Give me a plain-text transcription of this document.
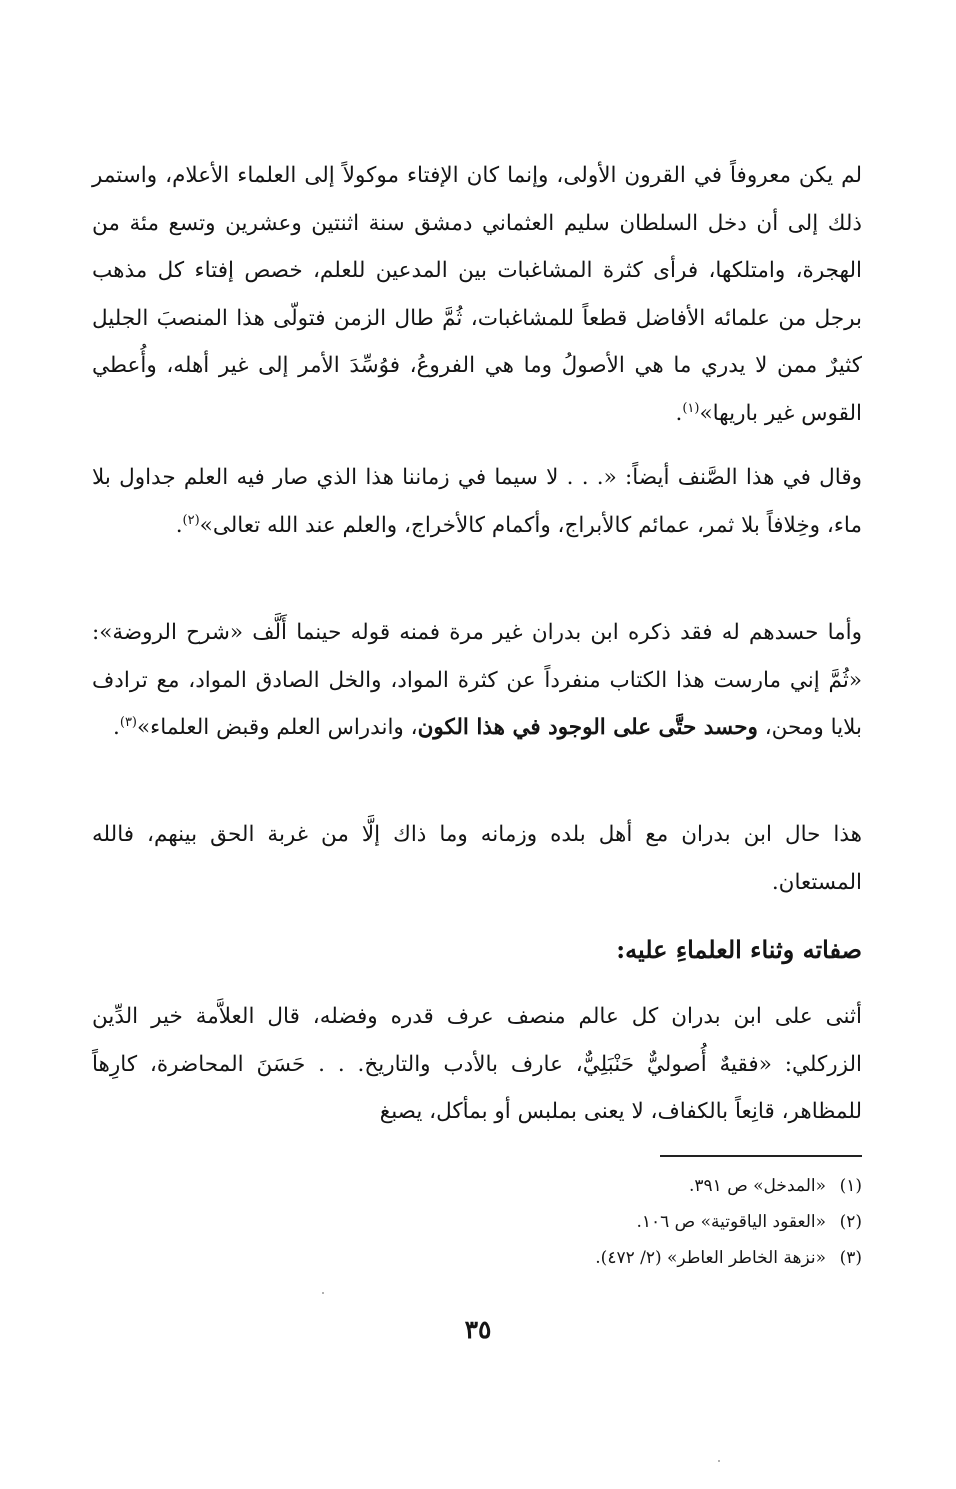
لم يكن معروفاً في القرون الأولى، وإنما كان الإفتاء موكولاً إلى العلماء الأعلام، واستمر ذلك إلى أن دخل السلطان سليم العثماني دمشق سنة اثنتين وعشرين وتسع مئة من الهجرة، وامتلكها، فرأى كثرة المشاغبات بين المدعين للعلم، خصص إفتاء كل مذهب برجل من علمائه الأفاضل قطعاً للمشاغبات، ثُمَّ طال الزمن فتولّى هذا المنصبَ الجليل كثيرٌ ممن لا يدري ما هي الأصولُ وما هي الفروعُ، فوُسِّدَ الأمر إلى غير أهله، وأُعطي القوس غير باريها»$^{(١)}$.

وقال في هذا الصَّنف أيضاً: «. . . لا سيما في زماننا هذا الذي صار فيه العلم جداول بلا ماء، وخِلافاً بلا ثمر، عمائم كالأبراج، وأكمام كالأخراج، والعلم عند الله تعالى»$^{(٢)}$.

وأما حسدهم له فقد ذكره ابن بدران غير مرة فمنه قوله حينما أَلَّف «شرح الروضة»: «ثُمَّ إني مارست هذا الكتاب منفرداً عن كثرة المواد، والخل الصادق المواد، مع ترادف بلايا ومحن، وحسد حتَّى على الوجود في هذا الكون، واندراس العلم وقبض العلماء»$^{(٣)}$.

هذا حال ابن بدران مع أهل بلده وزمانه وما ذاك إلَّا من غربة الحق بينهم، فالله المستعان.

صفاته وثناء العلماءِ عليه:

أثنى على ابن بدران كل عالم منصف عرف قدره وفضله، قال العلاَّمة خير الدِّين الزركلي: «فقيهٌ أُصوليٌّ حَنْبَلِيٌّ، عارف بالأدب والتاريخ. . . حَسَنَ المحاضرة، كارِهاً للمظاهر، قانِعاً بالكفاف، لا يعنى بملبس أو بمأكل، يصبغ

(١)«المدخل» ص ٣٩١.
(٢)«العقود الياقوتية» ص ١٠٦.
(٣)«نزهة الخاطر العاطر» (٢/ ٤٧٢).
٣٥
